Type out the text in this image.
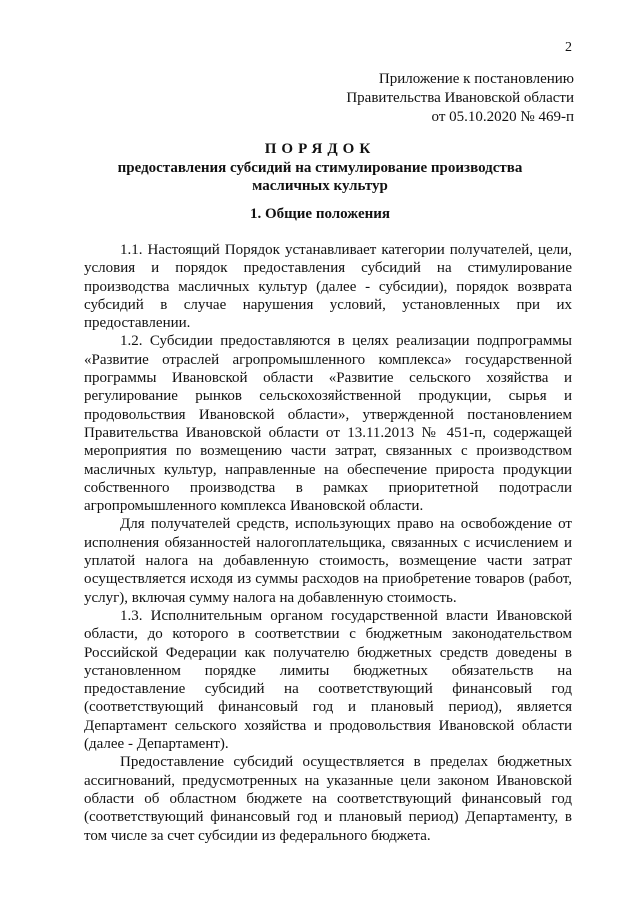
2
Приложение к постановлению
Правительства Ивановской области
от 05.10.2020 № 469-п
ПОРЯДОК
предоставления субсидий на стимулирование производства
масличных культур
1. Общие положения

1.1. Настоящий Порядок устанавливает категории получателей, цели, условия и порядок предоставления субсидий на стимулирование производства масличных культур (далее - субсидии), порядок возврата субсидий в случае нарушения условий, установленных при их предоставлении.

1.2. Субсидии предоставляются в целях реализации подпрограммы «Развитие отраслей агропромышленного комплекса» государственной программы Ивановской области «Развитие сельского хозяйства и регулирование рынков сельскохозяйственной продукции, сырья и продовольствия Ивановской области», утвержденной постановлением Правительства Ивановской области от 13.11.2013 № 451-п, содержащей мероприятия по возмещению части затрат, связанных с производством масличных культур, направленные на обеспечение прироста продукции собственного производства в рамках приоритетной подотрасли агропромышленного комплекса Ивановской области.

Для получателей средств, использующих право на освобождение от исполнения обязанностей налогоплательщика, связанных с исчислением и уплатой налога на добавленную стоимость, возмещение части затрат осуществляется исходя из суммы расходов на приобретение товаров (работ, услуг), включая сумму налога на добавленную стоимость.

1.3. Исполнительным органом государственной власти Ивановской области, до которого в соответствии с бюджетным законодательством Российской Федерации как получателю бюджетных средств доведены в установленном порядке лимиты бюджетных обязательств на предоставление субсидий на соответствующий финансовый год (соответствующий финансовый год и плановый период), является Департамент сельского хозяйства и продовольствия Ивановской области (далее - Департамент).

Предоставление субсидий осуществляется в пределах бюджетных ассигнований, предусмотренных на указанные цели законом Ивановской области об областном бюджете на соответствующий финансовый год (соответствующий финансовый год и плановый период) Департаменту, в том числе за счет субсидии из федерального бюджета.
